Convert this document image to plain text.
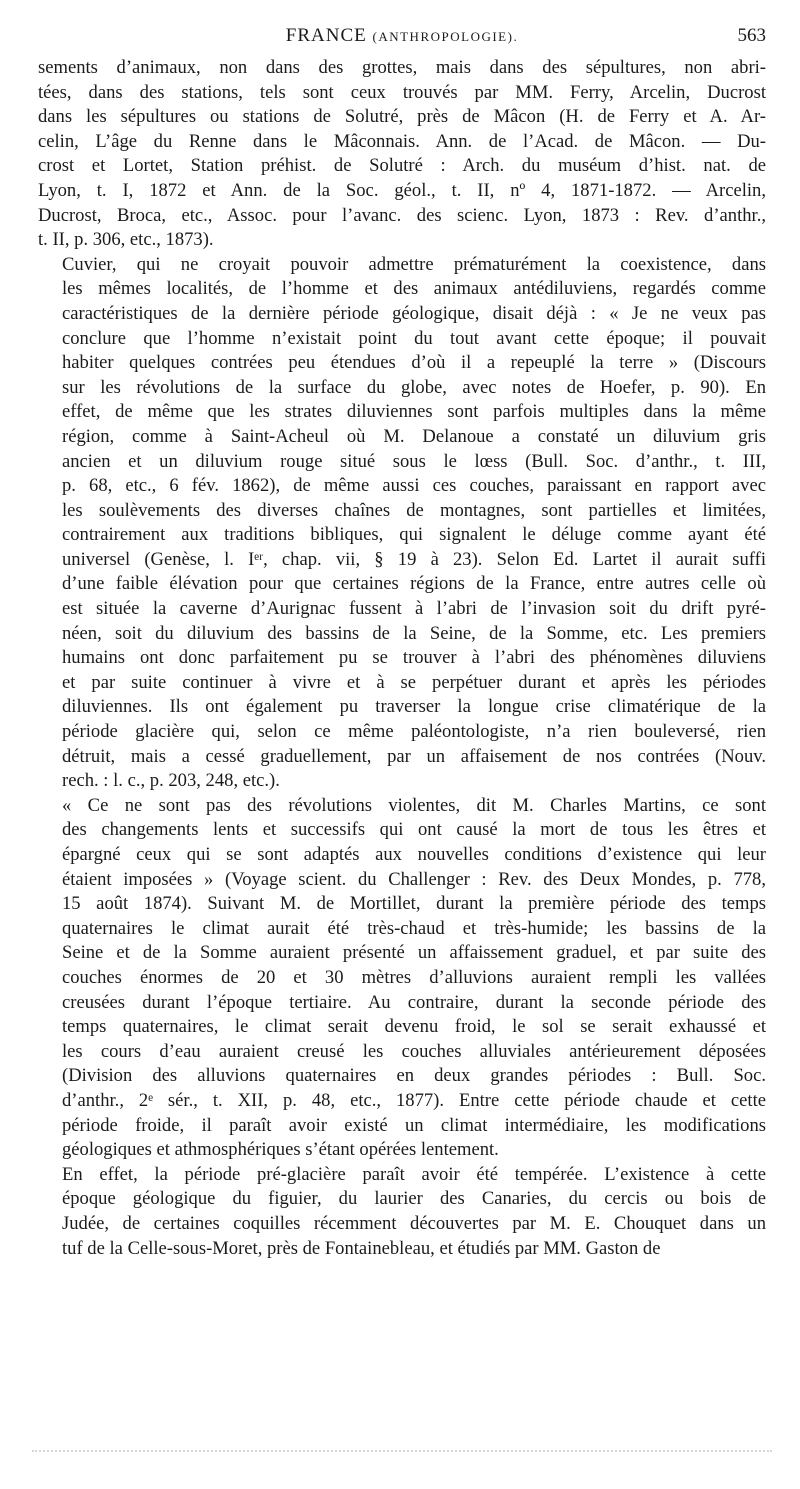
FRANCE (ANTHROPOLOGIE).	563

sements d’animaux, non dans des grottes, mais dans des sépultures, non abri-
tées, dans des stations, tels sont ceux trouvés par MM. Ferry, Arcelin, Ducrost
dans les sépultures ou stations de Solutré, près de Mâcon (H. de Ferry et A. Ar-
celin, L’âge du Renne dans le Mâconnais. Ann. de l’Acad. de Mâcon. — Du-
crost et Lortet, Station préhist. de Solutré : Arch. du muséum d’hist. nat. de
Lyon, t. I, 1872 et Ann. de la Soc. géol., t. II, nº 4, 1871-1872. — Arcelin,
Ducrost, Broca, etc., Assoc. pour l’avanc. des scienc. Lyon, 1873 : Rev. d’anthr.,
t. II, p. 306, etc., 1873).

Cuvier, qui ne croyait pouvoir admettre prématurément la coexistence, dans
les mêmes localités, de l’homme et des animaux antédiluviens, regardés comme
caractéristiques de la dernière période géologique, disait déjà : « Je ne veux pas
conclure que l’homme n’existait point du tout avant cette époque; il pouvait
habiter quelques contrées peu étendues d’où il a repeuplé la terre » (Discours
sur les révolutions de la surface du globe, avec notes de Hoefer, p. 90). En
effet, de même que les strates diluviennes sont parfois multiples dans la même
région, comme à Saint-Acheul où M. Delanoue a constaté un diluvium gris
ancien et un diluvium rouge situé sous le lœss (Bull. Soc. d’anthr., t. III,
p. 68, etc., 6 fév. 1862), de même aussi ces couches, paraissant en rapport avec
les soulèvements des diverses chaînes de montagnes, sont partielles et limitées,
contrairement aux traditions bibliques, qui signalent le déluge comme ayant été
universel (Genèse, l. Iᵉʳ, chap. vii, § 19 à 23). Selon Ed. Lartet il aurait suffi
d’une faible élévation pour que certaines régions de la France, entre autres celle où
est située la caverne d’Aurignac fussent à l’abri de l’invasion soit du drift pyré-
néen, soit du diluvium des bassins de la Seine, de la Somme, etc. Les premiers
humains ont donc parfaitement pu se trouver à l’abri des phénomènes diluviens
et par suite continuer à vivre et à se perpétuer durant et après les périodes
diluviennes. Ils ont également pu traverser la longue crise climatérique de la
période glacière qui, selon ce même paléontologiste, n’a rien bouleversé, rien
détruit, mais a cessé graduellement, par un affaisement de nos contrées (Nouv.
rech. : l. c., p. 203, 248, etc.).

« Ce ne sont pas des révolutions violentes, dit M. Charles Martins, ce sont
des changements lents et successifs qui ont causé la mort de tous les êtres et
épargné ceux qui se sont adaptés aux nouvelles conditions d’existence qui leur
étaient imposées » (Voyage scient. du Challenger : Rev. des Deux Mondes, p. 778,
15 août 1874). Suivant M. de Mortillet, durant la première période des temps
quaternaires le climat aurait été très-chaud et très-humide; les bassins de la
Seine et de la Somme auraient présenté un affaissement graduel, et par suite des
couches énormes de 20 et 30 mètres d’alluvions auraient rempli les vallées
creusées durant l’époque tertiaire. Au contraire, durant la seconde période des
temps quaternaires, le climat serait devenu froid, le sol se serait exhaussé et
les cours d’eau auraient creusé les couches alluviales antérieurement déposées
(Division des alluvions quaternaires en deux grandes périodes : Bull. Soc.
d’anthr., 2ᵉ sér., t. XII, p. 48, etc., 1877). Entre cette période chaude et cette
période froide, il paraît avoir existé un climat intermédiaire, les modifications
géologiques et athmosphériques s’étant opérées lentement.

En effet, la période pré-glacière paraît avoir été tempérée. L’existence à cette
époque géologique du figuier, du laurier des Canaries, du cercis ou bois de
Judée, de certaines coquilles récemment découvertes par M. E. Chouquet dans un
tuf de la Celle-sous-Moret, près de Fontainebleau, et étudiés par MM. Gaston de
